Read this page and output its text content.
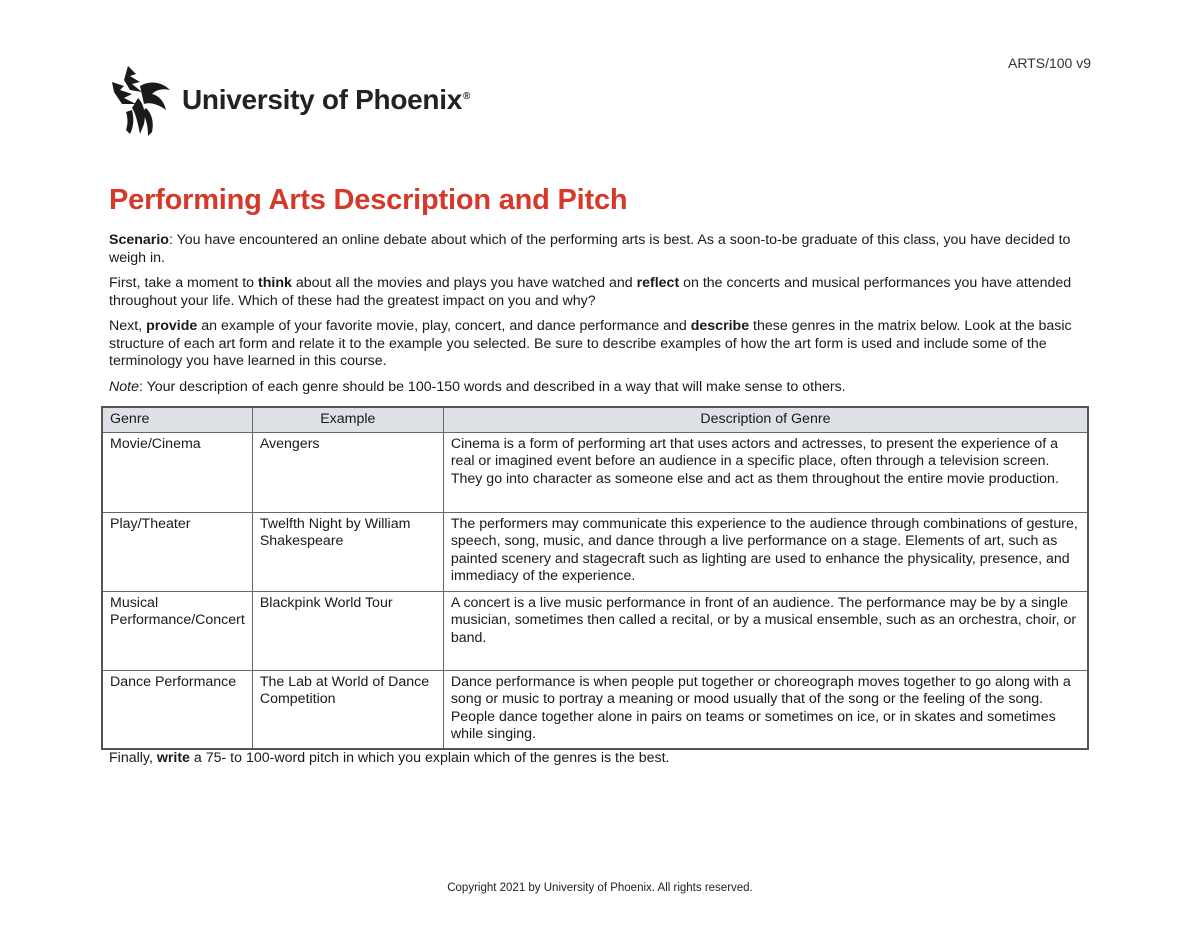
ARTS/100 v9
University of Phoenix®
Performing Arts Description and Pitch

Scenario: You have encountered an online debate about which of the performing arts is best. As a soon-to-be graduate of this class, you have decided to weigh in.

First, take a moment to think about all the movies and plays you have watched and reflect on the concerts and musical performances you have attended throughout your life. Which of these had the greatest impact on you and why?

Next, provide an example of your favorite movie, play, concert, and dance performance and describe these genres in the matrix below. Look at the basic structure of each art form and relate it to the example you selected. Be sure to describe examples of how the art form is used and include some of the terminology you have learned in this course.

Note: Your description of each genre should be 100-150 words and described in a way that will make sense to others.

Genre	Example	Description of Genre
Movie/Cinema	Avengers	Cinema is a form of performing art that uses actors and actresses, to present the experience of a real or imagined event before an audience in a specific place, often through a television screen. They go into character as someone else and act as them throughout the entire movie production.
Play/Theater	Twelfth Night by William Shakespeare	The performers may communicate this experience to the audience through combinations of gesture, speech, song, music, and dance through a live performance on a stage. Elements of art, such as painted scenery and stagecraft such as lighting are used to enhance the physicality, presence, and immediacy of the experience.
Musical Performance/Concert	Blackpink World Tour	A concert is a live music performance in front of an audience. The performance may be by a single musician, sometimes then called a recital, or by a musical ensemble, such as an orchestra, choir, or band.
Dance Performance	The Lab at World of Dance Competition	Dance performance is when people put together or choreograph moves together to go along with a song or music to portray a meaning or mood usually that of the song or the feeling of the song. People dance together alone in pairs on teams or sometimes on ice, or in skates and sometimes while singing.

Finally, write a 75- to 100-word pitch in which you explain which of the genres is the best.

Copyright 2021 by University of Phoenix. All rights reserved.
